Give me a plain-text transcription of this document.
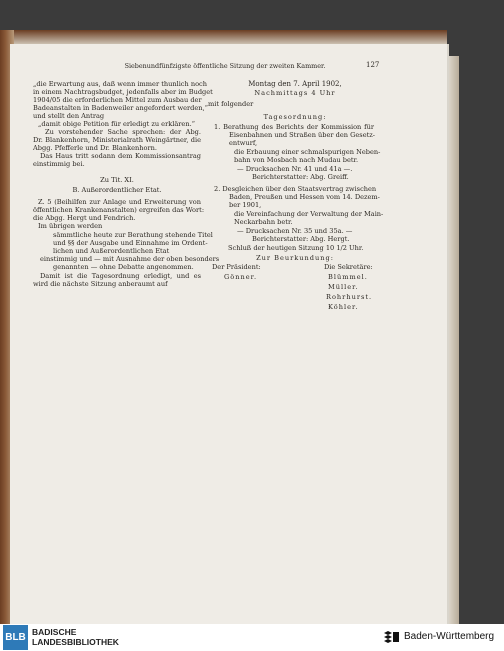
Siebenundfünfzigste öffentliche Sitzung der zweiten Kammer.	127
„die Erwartung aus, daß wenn immer thunlich noch
in einem Nachtragsbudget, jedenfalls aber im Budget
1904/05 die erforderlichen Mittel zum Ausbau der
Badeanstalten in Badenweiler angefordert werden,“
und stellt den Antrag
„damit obige Petition für erledigt zu erklären.“
Zu vorstehender Sache sprechen: der Abg.
Dr. Blankenhorn, Ministerialrath Weingärtner, die
Abgg. Pfefferle und Dr. Blankenhorn.
Das Haus tritt sodann dem Kommissionsantrag
einstimmig bei.
Zu Tit. XI.
B. Außerordentlicher Etat.
Z. 5 (Beihilfen zur Anlage und Erweiterung von
öffentlichen Krankenanstalten) ergreifen das Wort:
die Abgg. Hergt und Fendrich.
Im übrigen werden
sämmtliche heute zur Berathung stehende Titel
und §§ der Ausgabe und Einnahme im Ordent-
lichen und Außerordentlichen Etat
einstimmig und — mit Ausnahme der oben besonders
genannten — ohne Debatte angenommen.
Damit ist die Tagesordnung erledigt, und es
wird die nächste Sitzung anberaumt auf
Montag den 7. April 1902,
Nachmittags 4 Uhr
mit folgender
Tagesordnung:
1. Berathung des Berichts der Kommission für
Eisenbahnen und Straßen über den Gesetz-
entwurf,
die Erbauung einer schmalspurigen Neben-
bahn von Mosbach nach Mudau betr.
— Drucksachen Nr. 41 und 41a —.
Berichterstatter: Abg. Greiff.
2. Desgleichen über den Staatsvertrag zwischen
Baden, Preußen und Hessen vom 14. Dezem-
ber 1901,
die Vereinfachung der Verwaltung der Main-
Neckarbahn betr.
— Drucksachen Nr. 35 und 35a. —
Berichterstatter: Abg. Hergt.
Schluß der heutigen Sitzung 10 1/2 Uhr.
Zur Beurkundung:
Der Präsident:	Die Sekretäre:
Gönner.	Blümmel.
Müller.
Rohrhurst.
Köhler.
BLB BADISCHE
LANDESBIBLIOTHEK	Baden-Württemberg
